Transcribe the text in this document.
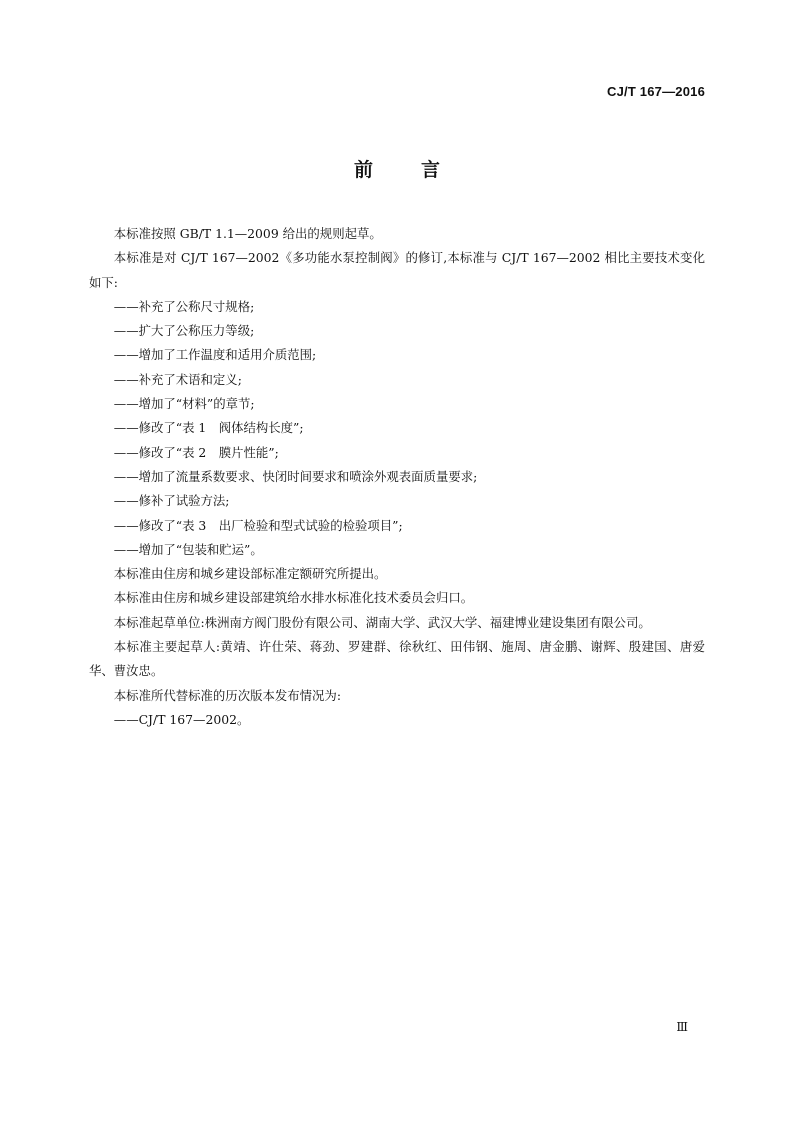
CJ/T 167—2016
前	言

本标准按照 GB/T 1.1—2009 给出的规则起草。

本标准是对 CJ/T 167—2002《多功能水泵控制阀》的修订,本标准与 CJ/T 167—2002 相比主要技术变化如下:

——补充了公称尺寸规格;

——扩大了公称压力等级;

——增加了工作温度和适用介质范围;

——补充了术语和定义;

——增加了“材料”的章节;

——修改了“表 1　阀体结构长度”;

——修改了“表 2　膜片性能”;

——增加了流量系数要求、快闭时间要求和喷涂外观表面质量要求;

——修补了试验方法;

——修改了“表 3　出厂检验和型式试验的检验项目”;

——增加了“包装和贮运”。

本标准由住房和城乡建设部标准定额研究所提出。

本标准由住房和城乡建设部建筑给水排水标准化技术委员会归口。

本标准起草单位:株洲南方阀门股份有限公司、湖南大学、武汉大学、福建博业建设集团有限公司。

本标准主要起草人:黄靖、许仕荣、蒋劲、罗建群、徐秋红、田伟钢、施周、唐金鹏、谢辉、殷建国、唐爱华、曹汝忠。

本标准所代替标准的历次版本发布情况为:

——CJ/T 167—2002。

Ⅲ
